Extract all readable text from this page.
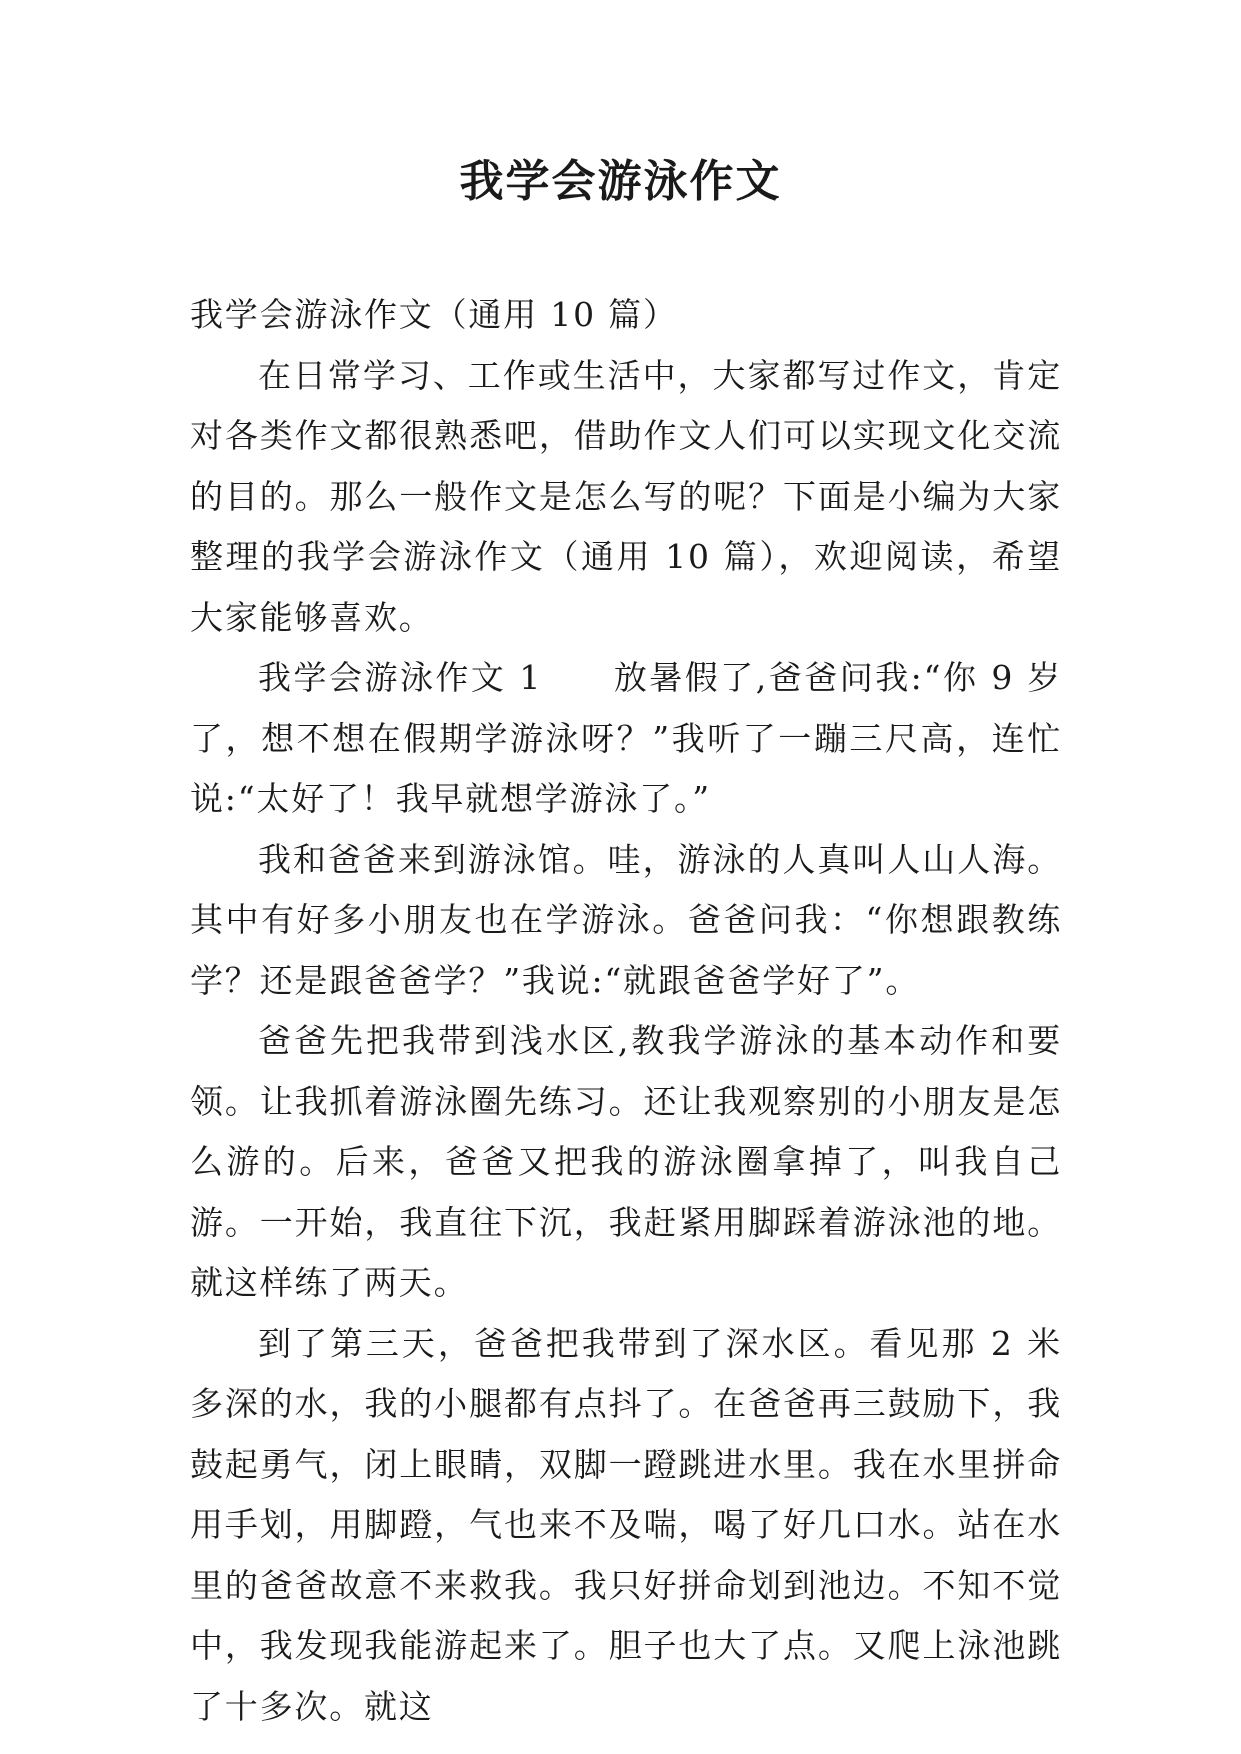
我学会游泳作文

我学会游泳作文（通用 10 篇）

在日常学习、工作或生活中，大家都写过作文，肯定对各类作文都很熟悉吧，借助作文人们可以实现文化交流的目的。那么一般作文是怎么写的呢？下面是小编为大家整理的我学会游泳作文（通用 10 篇），欢迎阅读，希望大家能够喜欢。

我学会游泳作文 1　　放暑假了,爸爸问我:“你 9 岁了，想不想在假期学游泳呀？”我听了一蹦三尺高，连忙说:“太好了！我早就想学游泳了。”

我和爸爸来到游泳馆。哇，游泳的人真叫人山人海。其中有好多小朋友也在学游泳。爸爸问我：“你想跟教练学？还是跟爸爸学？”我说:“就跟爸爸学好了”。

爸爸先把我带到浅水区,教我学游泳的基本动作和要领。让我抓着游泳圈先练习。还让我观察别的小朋友是怎么游的。后来，爸爸又把我的游泳圈拿掉了，叫我自己游。一开始，我直往下沉，我赶紧用脚踩着游泳池的地。就这样练了两天。

到了第三天，爸爸把我带到了深水区。看见那 2 米多深的水，我的小腿都有点抖了。在爸爸再三鼓励下，我鼓起勇气，闭上眼睛，双脚一蹬跳进水里。我在水里拼命用手划，用脚蹬，气也来不及喘，喝了好几口水。站在水里的爸爸故意不来救我。我只好拼命划到池边。不知不觉中，我发现我能游起来了。胆子也大了点。又爬上泳池跳了十多次。就这
